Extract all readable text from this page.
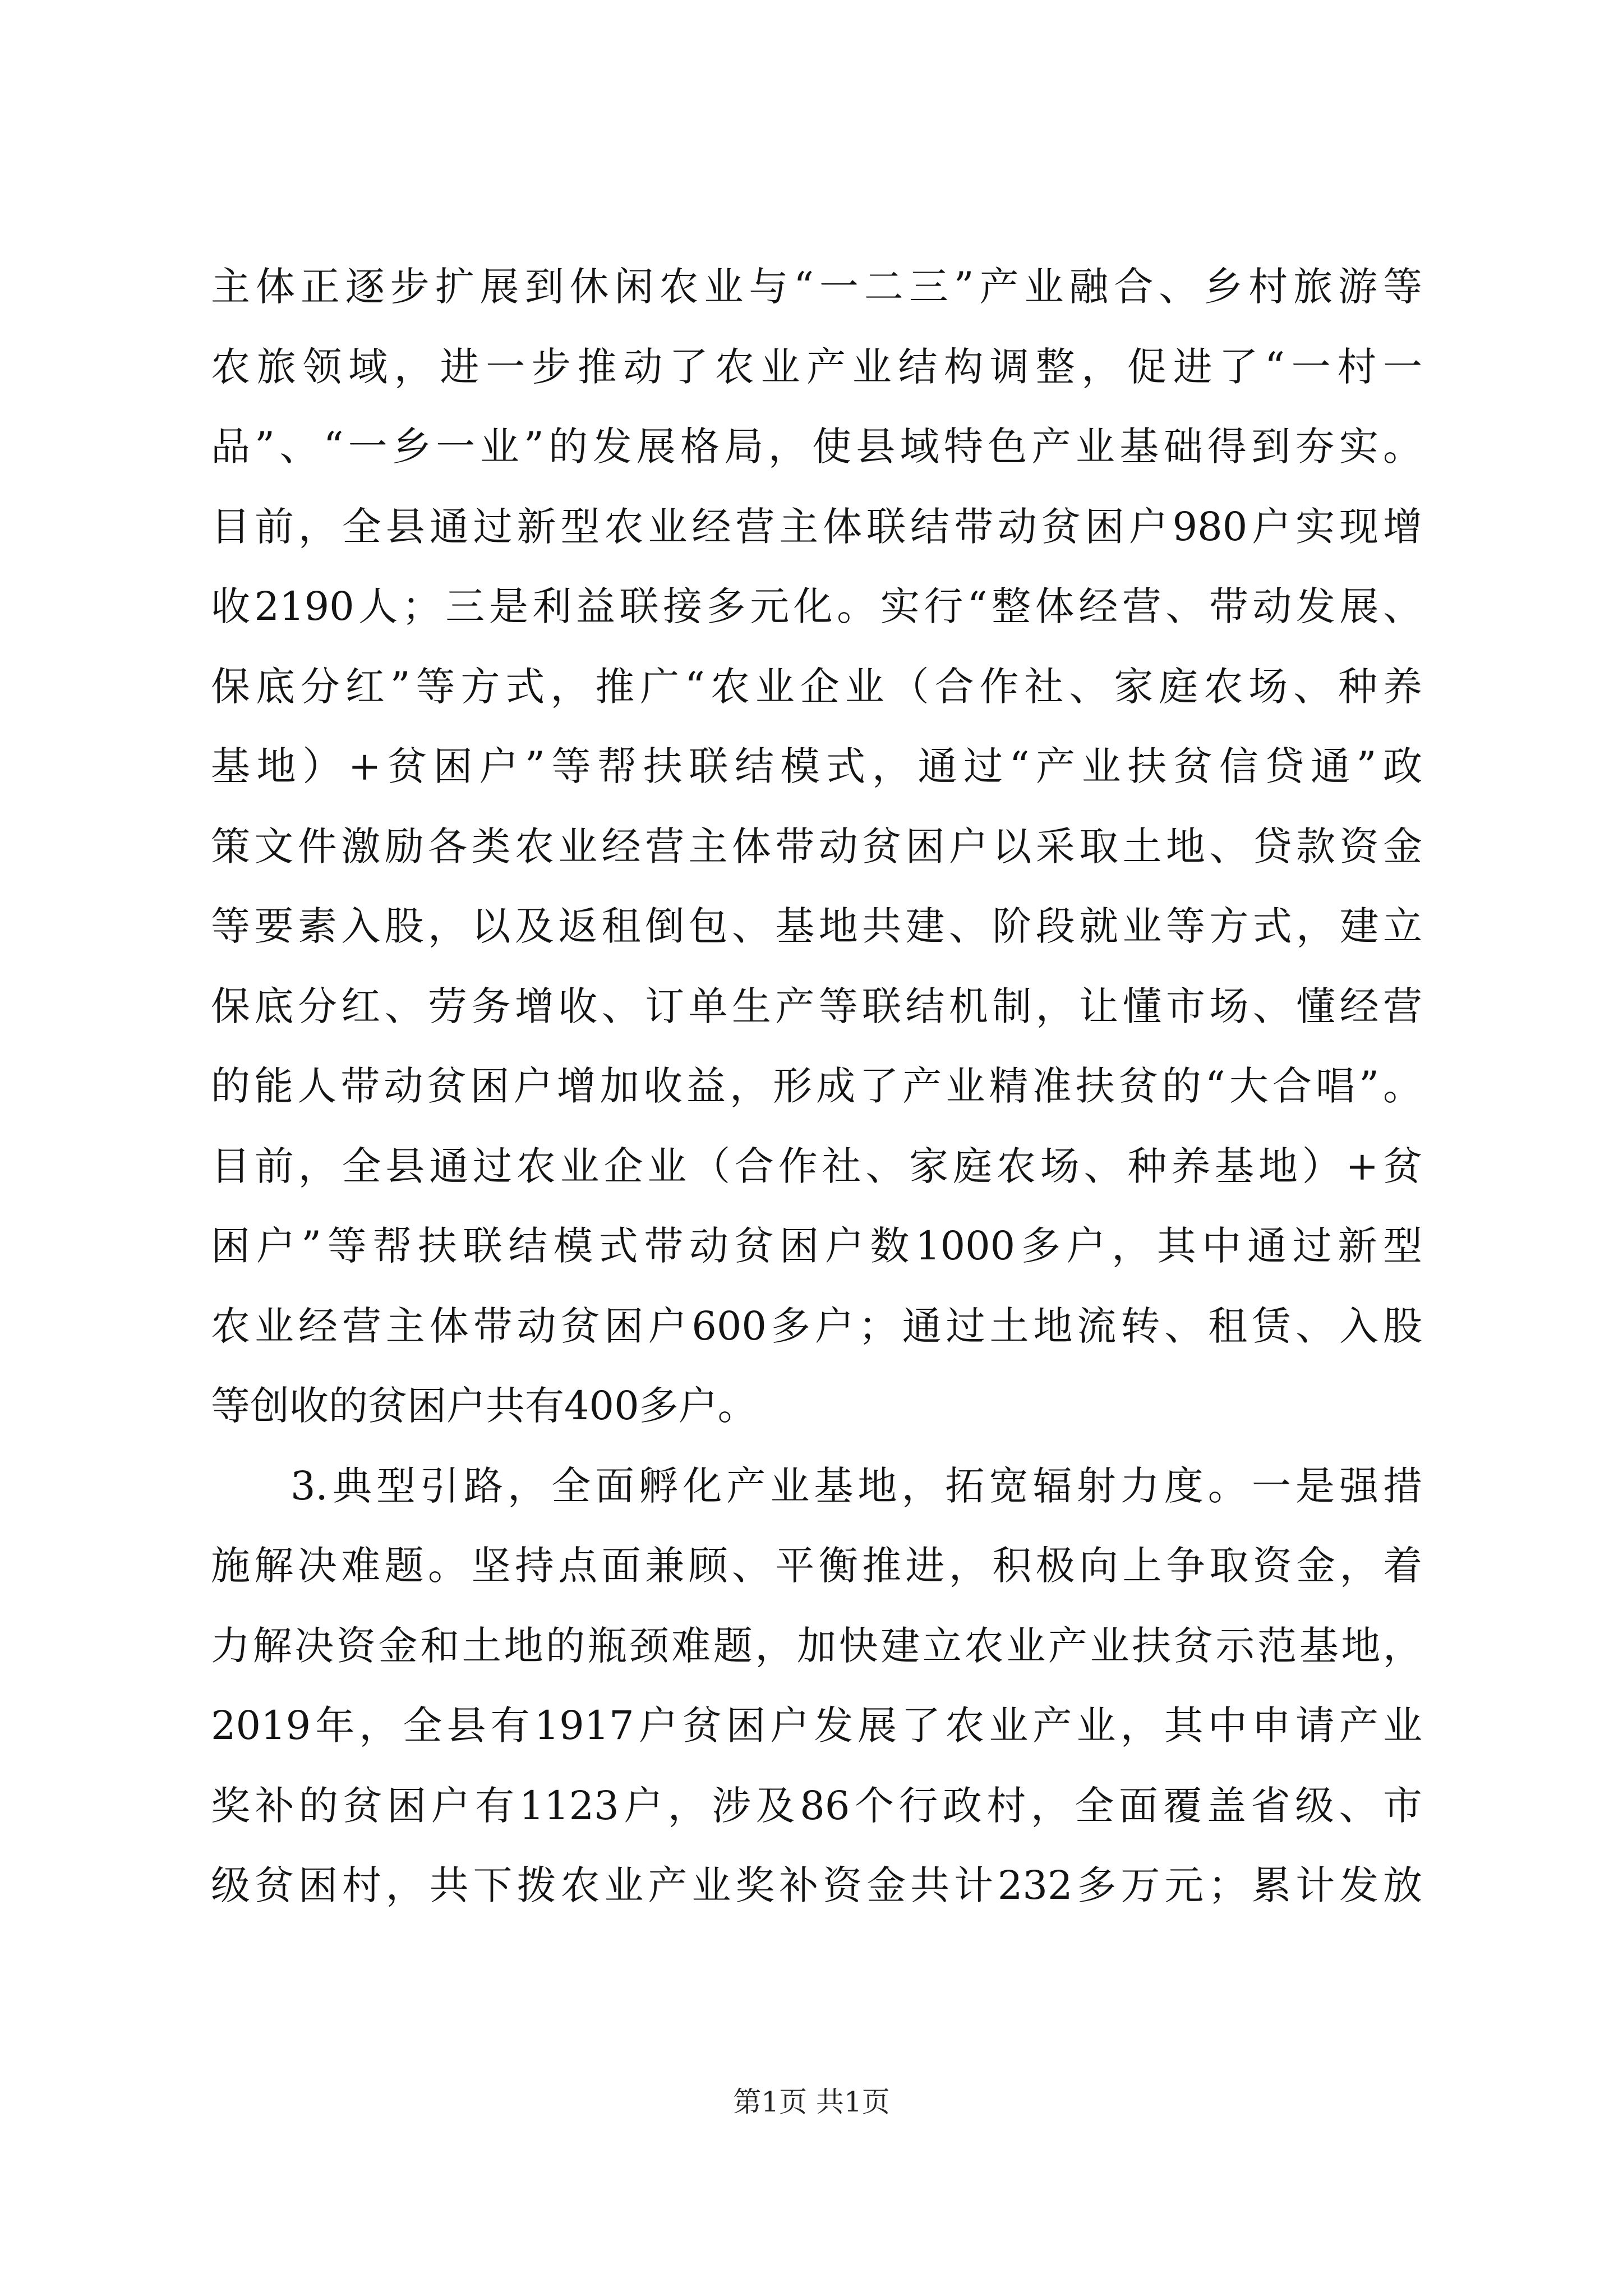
主体正逐步扩展到休闲农业与“一二三”产业融合、乡村旅游等
农旅领域，进一步推动了农业产业结构调整，促进了“一村一
品”、“一乡一业”的发展格局，使县域特色产业基础得到夯实。
目前，全县通过新型农业经营主体联结带动贫困户980户实现增
收2190人；三是利益联接多元化。实行“整体经营、带动发展、
保底分红”等方式，推广“农业企业（合作社、家庭农场、种养
基地）+贫困户”等帮扶联结模式，通过“产业扶贫信贷通”政
策文件激励各类农业经营主体带动贫困户以采取土地、贷款资金
等要素入股，以及返租倒包、基地共建、阶段就业等方式，建立
保底分红、劳务增收、订单生产等联结机制，让懂市场、懂经营
的能人带动贫困户增加收益，形成了产业精准扶贫的“大合唱”。
目前，全县通过农业企业（合作社、家庭农场、种养基地）+贫
困户”等帮扶联结模式带动贫困户数1000多户，其中通过新型
农业经营主体带动贫困户600多户；通过土地流转、租赁、入股
等创收的贫困户共有400多户。
3.典型引路，全面孵化产业基地，拓宽辐射力度。一是强措
施解决难题。坚持点面兼顾、平衡推进，积极向上争取资金，着
力解决资金和土地的瓶颈难题，加快建立农业产业扶贫示范基地，
2019年，全县有1917户贫困户发展了农业产业，其中申请产业
奖补的贫困户有1123户，涉及86个行政村，全面覆盖省级、市
级贫困村，共下拨农业产业奖补资金共计232多万元；累计发放
第1页 共1页
